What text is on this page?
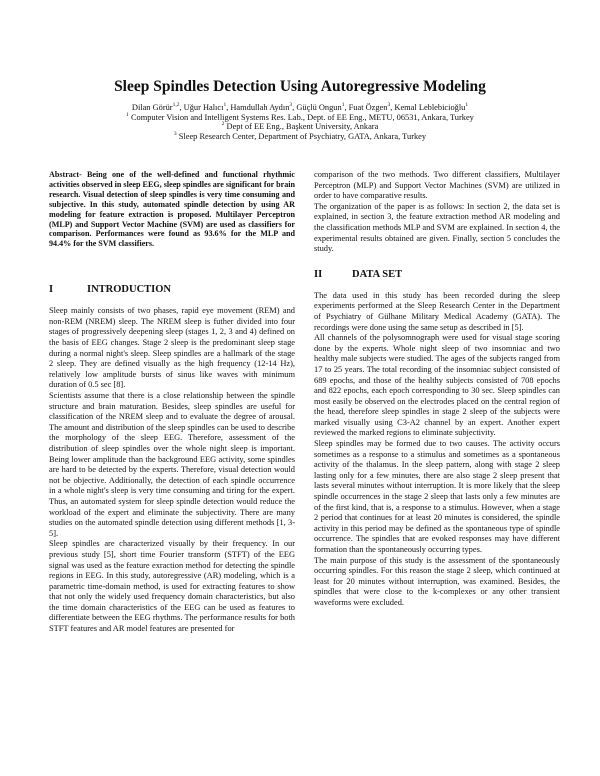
Sleep Spindles Detection Using Autoregressive Modeling
Dilan Görür$^{1,2}$, Uğur Halıcı$^1$, Hamdullah Aydın$^3$, Güçlü Ongun$^1$, Fuat Özgen$^3$, Kemal Leblebicioğlu$^1$
$^1$ Computer Vision and Intelligent Systems Res. Lab., Dept. of EE Eng., METU, 06531, Ankara, Turkey
$^2$ Dept of EE Eng., Başkent University, Ankara
$^3$ Sleep Research Center, Department of Psychiatry, GATA, Ankara, Turkey

Abstract- Being one of the well-defined and functional rhythmic activities observed in sleep EEG, sleep spindles are significant for brain research. Visual detection of sleep spindles is very time consuming and subjective. In this study, automated spindle detection by using AR modeling for feature extraction is proposed. Multilayer Perceptron (MLP) and Support Vector Machine (SVM) are used as classifiers for comparison. Performances were found as 93.6% for the MLP and 94.4% for the SVM classifiers.

I	INTRODUCTION

Sleep mainly consists of two phases, rapid eye movement (REM) and non-REM (NREM) sleep. The NREM sleep is futher divided into four stages of progressively deepening sleep (stages 1, 2, 3 and 4) defined on the basis of EEG changes. Stage 2 sleep is the predominant sleep stage during a normal night's sleep. Sleep spindles are a hallmark of the stage 2 sleep. They are defined visually as the high frequency (12-14 Hz), relatively low amplitude bursts of sinus like waves with minimum duration of 0.5 sec [8].

Scientists assume that there is a close relationship between the spindle structure and brain maturation. Besides, sleep spindles are useful for classification of the NREM sleep and to evaluate the degree of arousal. The amount and distribution of the sleep spindles can be used to describe the morphology of the sleep EEG. Therefore, assessment of the distribution of sleep spindles over the whole night sleep is important. Being lower amplitude than the background EEG activity, some spindles are hard to be detected by the experts. Therefore, visual detection would not be objective. Additionally, the detection of each spindle occurrence in a whole night's sleep is very time consuming and tiring for the expert. Thus, an automated system for sleep spindle detection would reduce the workload of the expert and eliminate the subjectivity. There are many studies on the automated spindle detection using different methods [1, 3-5].

Sleep spindles are characterized visually by their frequency. In our previous study [5], short time Fourier transform (STFT) of the EEG signal was used as the feature exraction method for detecting the spindle regions in EEG. In this study, autoregressive (AR) modeling, which is a parametric time-domain method, is used for extracting features to show that not only the widely used frequency domain characteristics, but also the time domain characteristics of the EEG can be used as features to differentiate between the EEG rhythms. The performance results for both STFT features and AR model features are presented for

comparison of the two methods. Two different classifiers, Multilayer Perceptron (MLP) and Support Vector Machines (SVM) are utilized in order to have comparative results.

The organization of the paper is as follows: In section 2, the data set is explained, in section 3, the feature extraction method AR modeling and the classification methods MLP and SVM are explained. In section 4, the experimental results obtained are given. Finally, section 5 concludes the study.

II	DATA SET

The data used in this study has been recorded during the sleep experiments performed at the Sleep Research Center in the Department of Psychiatry of Gülhane Military Medical Academy (GATA). The recordings were done using the same setup as described in [5].

All channels of the polysomnograph were used for visual stage scoring done by the experts. Whole night sleep of two insomniac and two healthy male subjects were studied. The ages of the subjects ranged from 17 to 25 years. The total recording of the insomniac subject consisted of 689 epochs, and those of the healthy subjects consisted of 708 epochs and 822 epochs, each epoch corresponding to 30 sec. Sleep spindles can most easily be observed on the electrodes placed on the central region of the head, therefore sleep spindles in stage 2 sleep of the subjects were marked visually using C3-A2 channel by an expert. Another expert reviewed the marked regions to eliminate subjectivity.

Sleep spindles may be formed due to two causes. The activity occurs sometimes as a response to a stimulus and sometimes as a spontaneous activity of the thalamus. In the sleep pattern, along with stage 2 sleep lasting only for a few minutes, there are also stage 2 sleep present that lasts several minutes without interruption. It is more likely that the sleep spindle occurrences in the stage 2 sleep that lasts only a few minutes are of the first kind, that is, a response to a stimulus. However, when a stage 2 period that continues for at least 20 minutes is considered, the spindle activity in this period may be defined as the spontaneous type of spindle occurrence. The spindles that are evoked responses may have different formation than the spontaneously occurring types.

The main purpose of this study is the assessment of the spontaneously occurring spindles. For this reason the stage 2 sleep, which continued at least for 20 minutes without interruption, was examined. Besides, the spindles that were close to the k-complexes or any other transient waveforms were excluded.
